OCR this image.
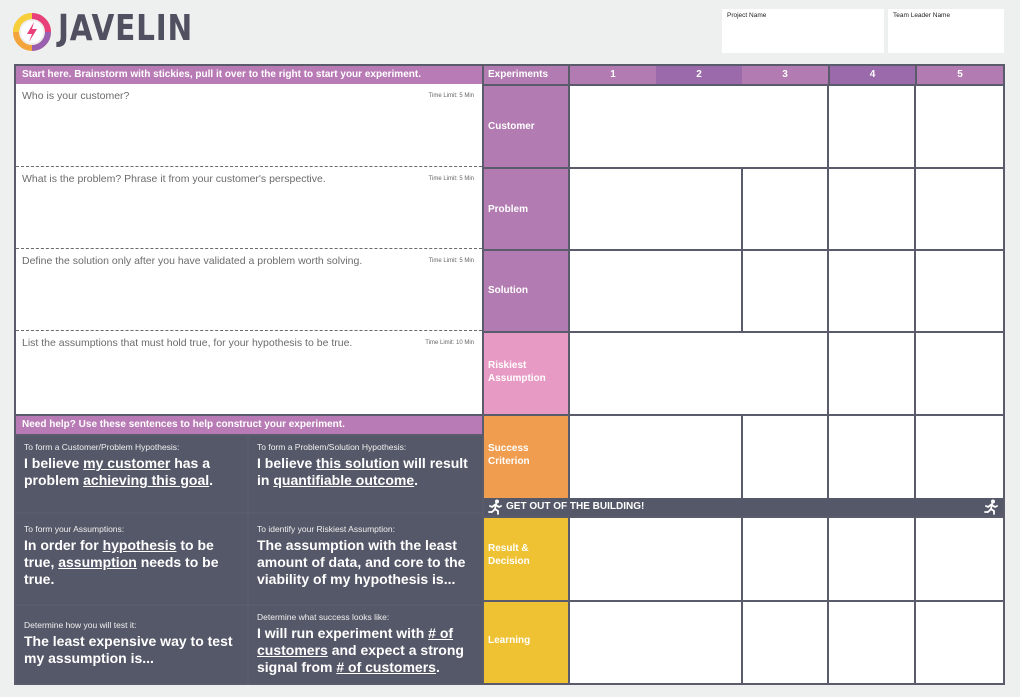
JAVELIN	Project Name	Team Leader Name
Start here. Brainstorm with stickies, pull it over to the right to start your experiment.
Who is your customer?	Time Limit: 5 Min
What is the problem? Phrase it from your customer's perspective.	Time Limit: 5 Min
Define the solution only after you have validated a problem worth solving.	Time Limit: 5 Min
List the assumptions that must hold true, for your hypothesis to be true.	Time Limit: 10 Min
Need help? Use these sentences to help construct your experiment.
To form a Customer/Problem Hypothesis:
I believe my customer has a problem achieving this goal.
To form a Problem/Solution Hypothesis:
I believe this solution will result in quantifiable outcome.
To form your Assumptions:
In order for hypothesis to be true, assumption needs to be true.
To identify your Riskiest Assumption:
The assumption with the least amount of data, and core to the viability of my hypothesis is...
Determine how you will test it:
The least expensive way to test my assumption is...
Determine what success looks like:
I will run experiment with # of customers and expect a strong signal from # of customers.
Experiments	1	2	3	4	5
Customer
Problem
Solution
Riskiest Assumption
Success Criterion
Result & Decision
Learning
GET OUT OF THE BUILDING!
